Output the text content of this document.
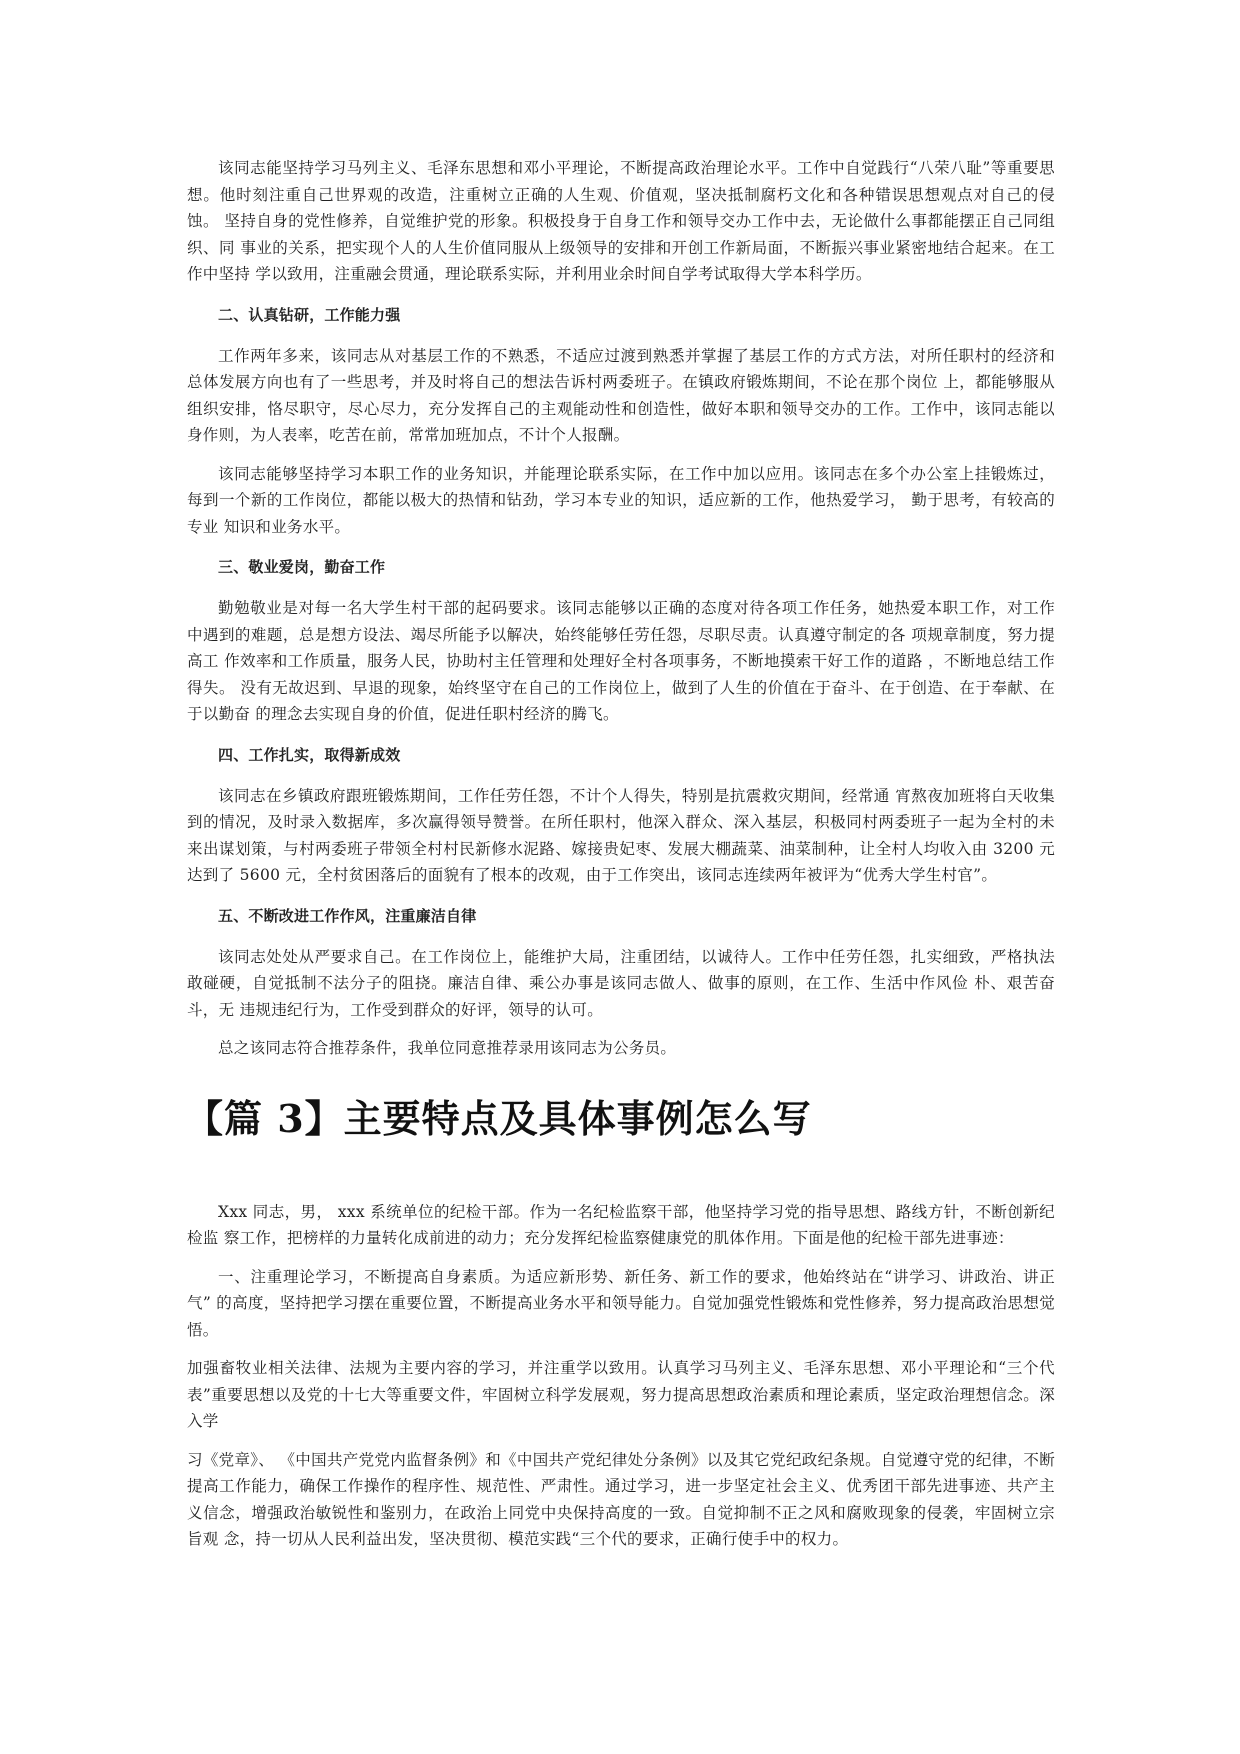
该同志能坚持学习马列主义、毛泽东思想和邓小平理论，不断提高政治理论水平。工作中自觉践行“八荣八耻”等重要思想。他时刻注重自己世界观的改造，注重树立正确的人生观、价值观，坚决抵制腐朽文化和各种错误思想观点对自己的侵蚀。 坚持自身的党性修养，自觉维护党的形象。积极投身于自身工作和领导交办工作中去，无论做什么事都能摆正自己同组织、同 事业的关系，把实现个人的人生价值同服从上级领导的安排和开创工作新局面，不断振兴事业紧密地结合起来。在工作中坚持 学以致用，注重融会贯通，理论联系实际，并利用业余时间自学考试取得大学本科学历。

二、认真钻研，工作能力强

工作两年多来，该同志从对基层工作的不熟悉，不适应过渡到熟悉并掌握了基层工作的方式方法，对所任职村的经济和总体发展方向也有了一些思考，并及时将自己的想法告诉村两委班子。在镇政府锻炼期间，不论在那个岗位 上，都能够服从组织安排，恪尽职守，尽心尽力，充分发挥自己的主观能动性和创造性，做好本职和领导交办的工作。工作中，该同志能以身作则，为人表率，吃苦在前，常常加班加点，不计个人报酬。

该同志能够坚持学习本职工作的业务知识，并能理论联系实际，在工作中加以应用。该同志在多个办公室上挂锻炼过，每到一个新的工作岗位，都能以极大的热情和钻劲，学习本专业的知识，适应新的工作，他热爱学习， 勤于思考，有较高的专业 知识和业务水平。

三、敬业爱岗，勤奋工作

勤勉敬业是对每一名大学生村干部的起码要求。该同志能够以正确的态度对待各项工作任务，她热爱本职工作，对工作中遇到的难题，总是想方设法、竭尽所能予以解决，始终能够任劳任怨，尽职尽责。认真遵守制定的各 项规章制度，努力提高工 作效率和工作质量，服务人民，协助村主任管理和处理好全村各项事务，不断地摸索干好工作的道路 ，不断地总结工作得失。 没有无故迟到、早退的现象，始终坚守在自己的工作岗位上，做到了人生的价值在于奋斗、在于创造、在于奉献、在于以勤奋 的理念去实现自身的价值，促进任职村经济的腾飞。

四、工作扎实，取得新成效

该同志在乡镇政府跟班锻炼期间，工作任劳任怨，不计个人得失，特别是抗震救灾期间，经常通 宵熬夜加班将白天收集到的情况，及时录入数据库，多次赢得领导赞誉。在所任职村，他深入群众、深入基层，积极同村两委班子一起为全村的未来出谋划策，与村两委班子带领全村村民新修水泥路、嫁接贵妃枣、发展大棚蔬菜、油菜制种，让全村人均收入由 3200 元达到了 5600 元，全村贫困落后的面貌有了根本的改观，由于工作突出，该同志连续两年被评为“优秀大学生村官”。

五、不断改进工作作风，注重廉洁自律

该同志处处从严要求自己。在工作岗位上，能维护大局，注重团结，以诚待人。工作中任劳任怨，扎实细致，严格执法敢碰硬，自觉抵制不法分子的阻挠。廉洁自律、乘公办事是该同志做人、做事的原则，在工作、生活中作风俭 朴、艰苦奋斗，无 违规违纪行为，工作受到群众的好评，领导的认可。

总之该同志符合推荐条件，我单位同意推荐录用该同志为公务员。

【篇 3】主要特点及具体事例怎么写

Xxx 同志，男， xxx 系统单位的纪检干部。作为一名纪检监察干部，他坚持学习党的指导思想、路线方针，不断创新纪检监 察工作，把榜样的力量转化成前进的动力；充分发挥纪检监察健康党的肌体作用。下面是他的纪检干部先进事迹：

一、注重理论学习，不断提高自身素质。为适应新形势、新任务、新工作的要求，他始终站在“讲学习、讲政治、讲正气” 的高度，坚持把学习摆在重要位置，不断提高业务水平和领导能力。自觉加强党性锻炼和党性修养，努力提高政治思想觉悟。

加强畜牧业相关法律、法规为主要内容的学习，并注重学以致用。认真学习马列主义、毛泽东思想、邓小平理论和“三个代表”重要思想以及党的十七大等重要文件，牢固树立科学发展观，努力提高思想政治素质和理论素质，坚定政治理想信念。深入学

习《党章》、 《中国共产党党内监督条例》和《中国共产党纪律处分条例》以及其它党纪政纪条规。自觉遵守党的纪律，不断提高工作能力，确保工作操作的程序性、规范性、严肃性。通过学习，进一步坚定社会主义、优秀团干部先进事迹、共产主义信念，增强政治敏锐性和鉴别力，在政治上同党中央保持高度的一致。自觉抑制不正之风和腐败现象的侵袭，牢固树立宗旨观 念，持一切从人民利益出发，坚决贯彻、模范实践“三个代的要求，正确行使手中的权力。
